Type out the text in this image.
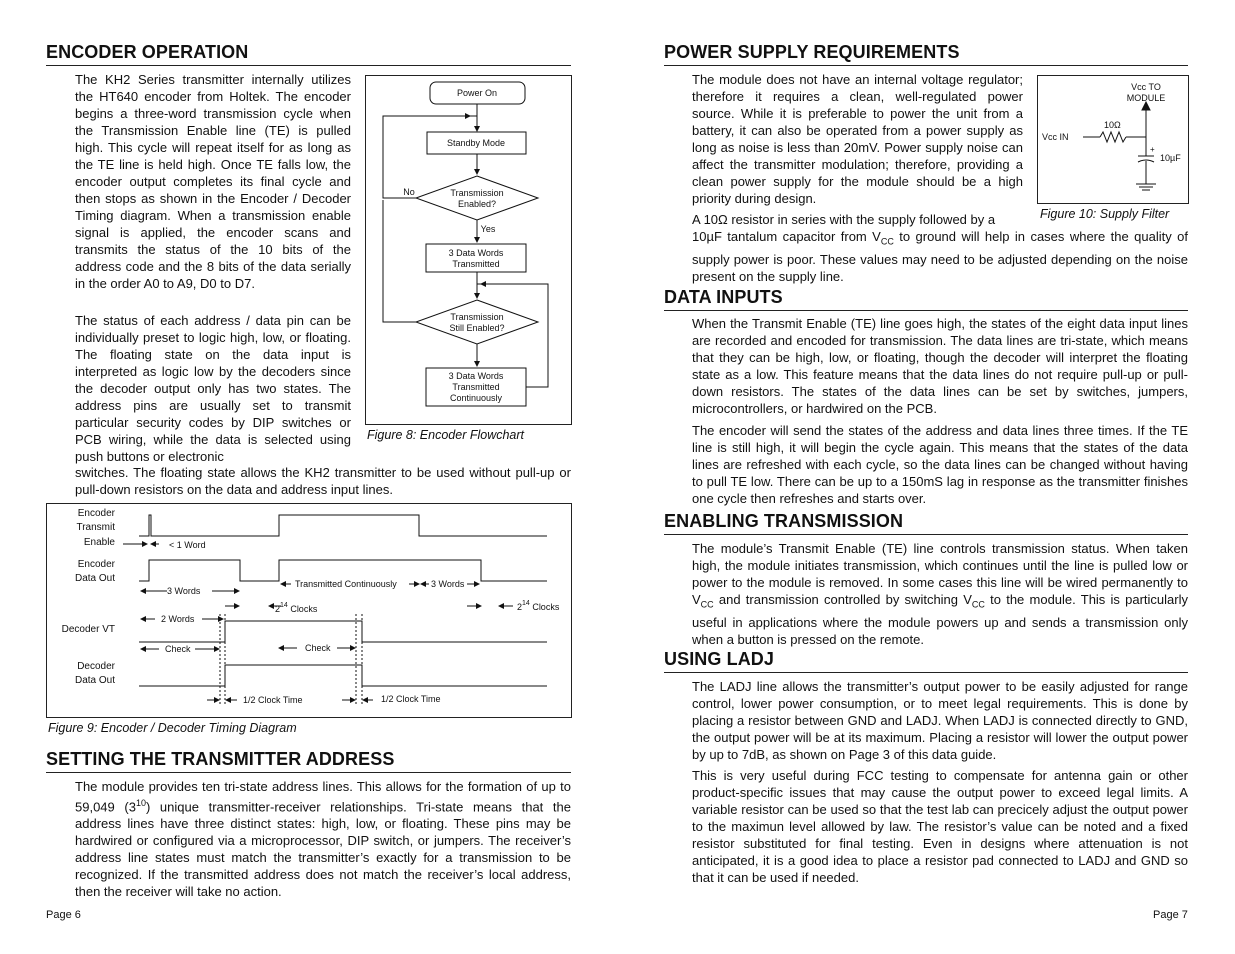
ENCODER OPERATION

The KH2 Series transmitter internally utilizes the HT640 encoder from Holtek. The encoder begins a three-word transmission cycle when the Transmission Enable line (TE) is pulled high. This cycle will repeat itself for as long as the TE line is held high. Once TE falls low, the encoder output completes its final cycle and then stops as shown in the Encoder / Decoder Timing diagram. When a transmission enable signal is applied, the encoder scans and transmits the status of the 10 bits of the address code and the 8 bits of the data serially in the order A0 to A9, D0 to D7.

The status of each address / data pin can be individually preset to logic high, low, or floating. The floating state on the data input is interpreted as logic low by the decoders since the decoder output only has two states. The address pins are usually set to transmit particular security codes by DIP switches or PCB wiring, while the data is selected using push buttons or electronic

switches. The floating state allows the KH2 transmitter to be used without pull-up or pull-down resistors on the data and address input lines.

Power On
Standby Mode
Transmission
Enabled?
No
Yes
3 Data Words
Transmitted
Transmission
Still Enabled?
3 Data Words
Transmitted
Continuously
Figure 8: Encoder Flowchart
Encoder
Transmit
Enable	< 1 Word
Encoder
Data Out
3 Words
Transmitted Continuously	3 Words
$2^{14}$ Clocks	$2^{14}$ Clocks
2 Words
Decoder VT
Check	Check
Decoder
Data Out
1/2 Clock Time	1/2 Clock Time
Figure 9: Encoder / Decoder Timing Diagram
SETTING THE TRANSMITTER ADDRESS

The module provides ten tri-state address lines. This allows for the formation of up to 59,049 $(3^{10})$ unique transmitter-receiver relationships. Tri-state means that the address lines have three distinct states: high, low, or floating. These pins may be hardwired or configured via a microprocessor, DIP switch, or jumpers. The receiver’s address line states must match the transmitter’s exactly for a transmission to be recognized. If the transmitted address does not match the receiver’s local address, then the receiver will take no action.

Page 6
POWER SUPPLY REQUIREMENTS

The module does not have an internal voltage regulator; therefore it requires a clean, well-regulated power source. While it is preferable to power the unit from a battery, it can also be operated from a power supply as long as noise is less than 20mV. Power supply noise can affect the transmitter modulation; therefore, providing a clean power supply for the module should be a high priority during design.

A 10Ω resistor in series with the supply followed by a

10µF tantalum capacitor from $V_{CC}$ to ground will help in cases where the quality of supply power is poor. These values may need to be adjusted depending on the noise present on the supply line.

Vcc TO
MODULE
Vcc IN
10Ω
+
10µF
Figure 10: Supply Filter
DATA INPUTS

When the Transmit Enable (TE) line goes high, the states of the eight data input lines are recorded and encoded for transmission. The data lines are tri-state, which means that they can be high, low, or floating, though the decoder will interpret the floating state as a low. This feature means that the data lines do not require pull-up or pull-down resistors. The states of the data lines can be set by switches, jumpers, microcontrollers, or hardwired on the PCB.

The encoder will send the states of the address and data lines three times. If the TE line is still high, it will begin the cycle again. This means that the states of the data lines are refreshed with each cycle, so the data lines can be changed without having to pull TE low. There can be up to a 150mS lag in response as the transmitter finishes one cycle then refreshes and starts over.

ENABLING TRANSMISSION

The module’s Transmit Enable (TE) line controls transmission status. When taken high, the module initiates transmission, which continues until the line is pulled low or power to the module is removed. In some cases this line will be wired permanently to $V_{CC}$ and transmission controlled by switching $V_{CC}$ to the module. This is particularly useful in applications where the module powers up and sends a transmission only when a button is pressed on the remote.

USING LADJ

The LADJ line allows the transmitter’s output power to be easily adjusted for range control, lower power consumption, or to meet legal requirements. This is done by placing a resistor between GND and LADJ. When LADJ is connected directly to GND, the output power will be at its maximum. Placing a resistor will lower the output power by up to 7dB, as shown on Page 3 of this data guide.

This is very useful during FCC testing to compensate for antenna gain or other product-specific issues that may cause the output power to exceed legal limits. A variable resistor can be used so that the test lab can precicely adjust the output power to the maximun level allowed by law. The resistor’s value can be noted and a fixed resistor substituted for final testing. Even in designs where attenuation is not anticipated, it is a good idea to place a resistor pad connected to LADJ and GND so that it can be used if needed.

Page 7
